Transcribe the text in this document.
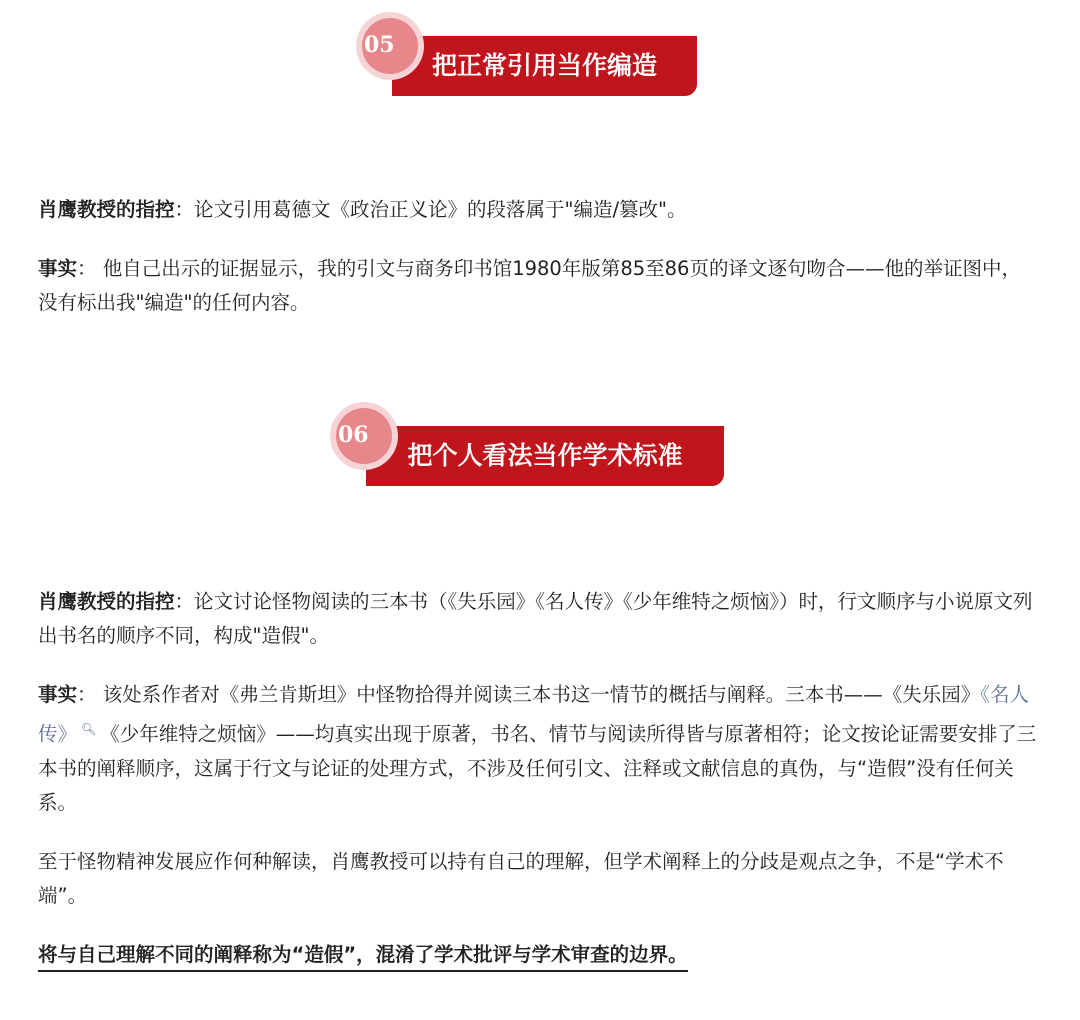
把正常引用当作编造
05

肖鹰教授的指控：论文引用葛德文《政治正义论》的段落属于"编造/篡改"。

事实： 他自己出示的证据显示，我的引文与商务印书馆1980年版第85至86页的译文逐句吻合——他的举证图中，没有标出我"编造"的任何内容。

把个人看法当作学术标准
06

肖鹰教授的指控：论文讨论怪物阅读的三本书（《失乐园》《名人传》《少年维特之烦恼》）时，行文顺序与小说原文列出书名的顺序不同，构成"造假"。

事实： 该处系作者对《弗兰肯斯坦》中怪物拾得并阅读三本书这一情节的概括与阐释。三本书——《失乐园》《名人传》 🔍︎ 《少年维特之烦恼》——均真实出现于原著，书名、情节与阅读所得皆与原著相符；论文按论证需要安排了三本书的阐释顺序，这属于行文与论证的处理方式，不涉及任何引文、注释或文献信息的真伪，与“造假”没有任何关系。

至于怪物精神发展应作何种解读，肖鹰教授可以持有自己的理解，但学术阐释上的分歧是观点之争，不是“学术不端”。

将与自己理解不同的阐释称为“造假”，混淆了学术批评与学术审查的边界。
